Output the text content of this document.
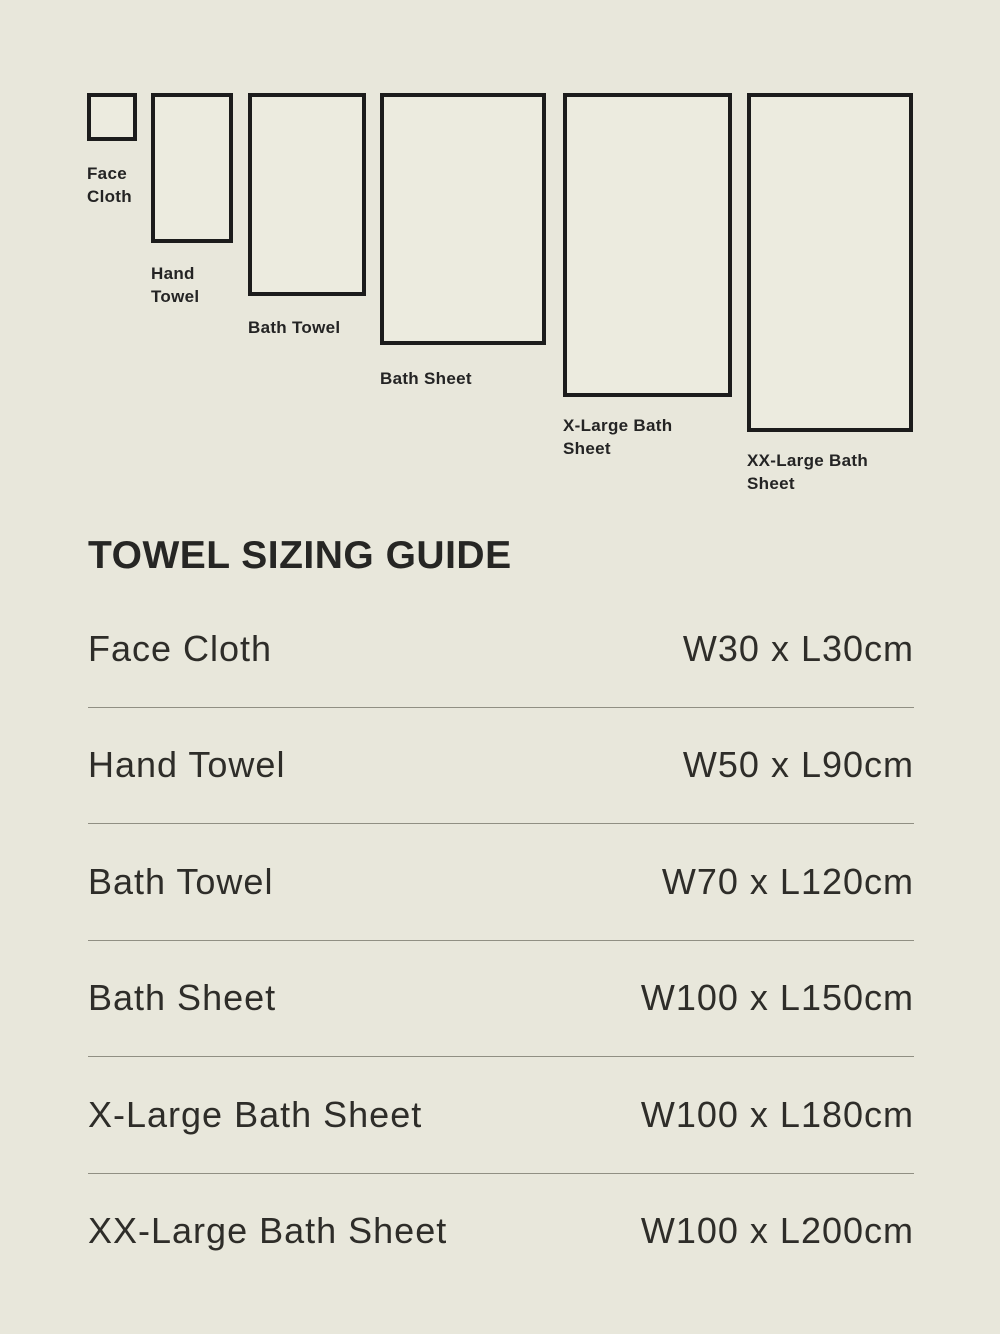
Face Cloth
Hand Towel
Bath Towel
Bath Sheet
X-Large Bath Sheet
XX-Large Bath Sheet
TOWEL SIZING GUIDE
Face Cloth	W30 x L30cm
Hand Towel	W50 x L90cm
Bath Towel	W70 x L120cm
Bath Sheet	W100 x L150cm
X-Large Bath Sheet	W100 x L180cm
XX-Large Bath Sheet	W100 x L200cm
